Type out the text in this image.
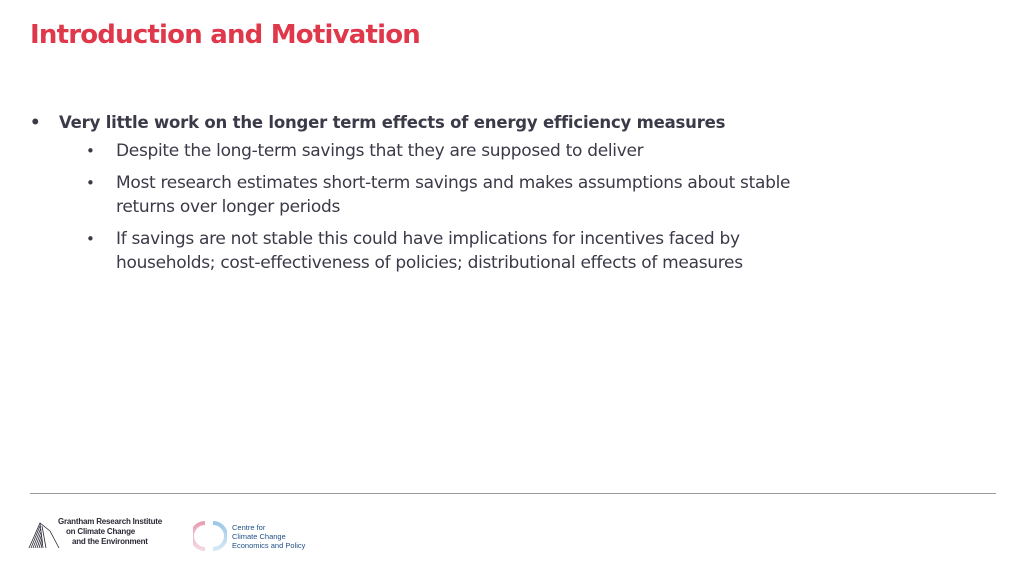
Introduction and Motivation
• Very little work on the longer term effects of energy efficiency measures
• Despite the long-term savings that they are supposed to deliver
• Most research estimates short-term savings and makes assumptions about stable returns over longer periods
• If savings are not stable this could have implications for incentives faced by households; cost-effectiveness of policies; distributional effects of measures
Grantham Research Institute
on Climate Change
and the Environment
Centre for
Climate Change
Economics and Policy
